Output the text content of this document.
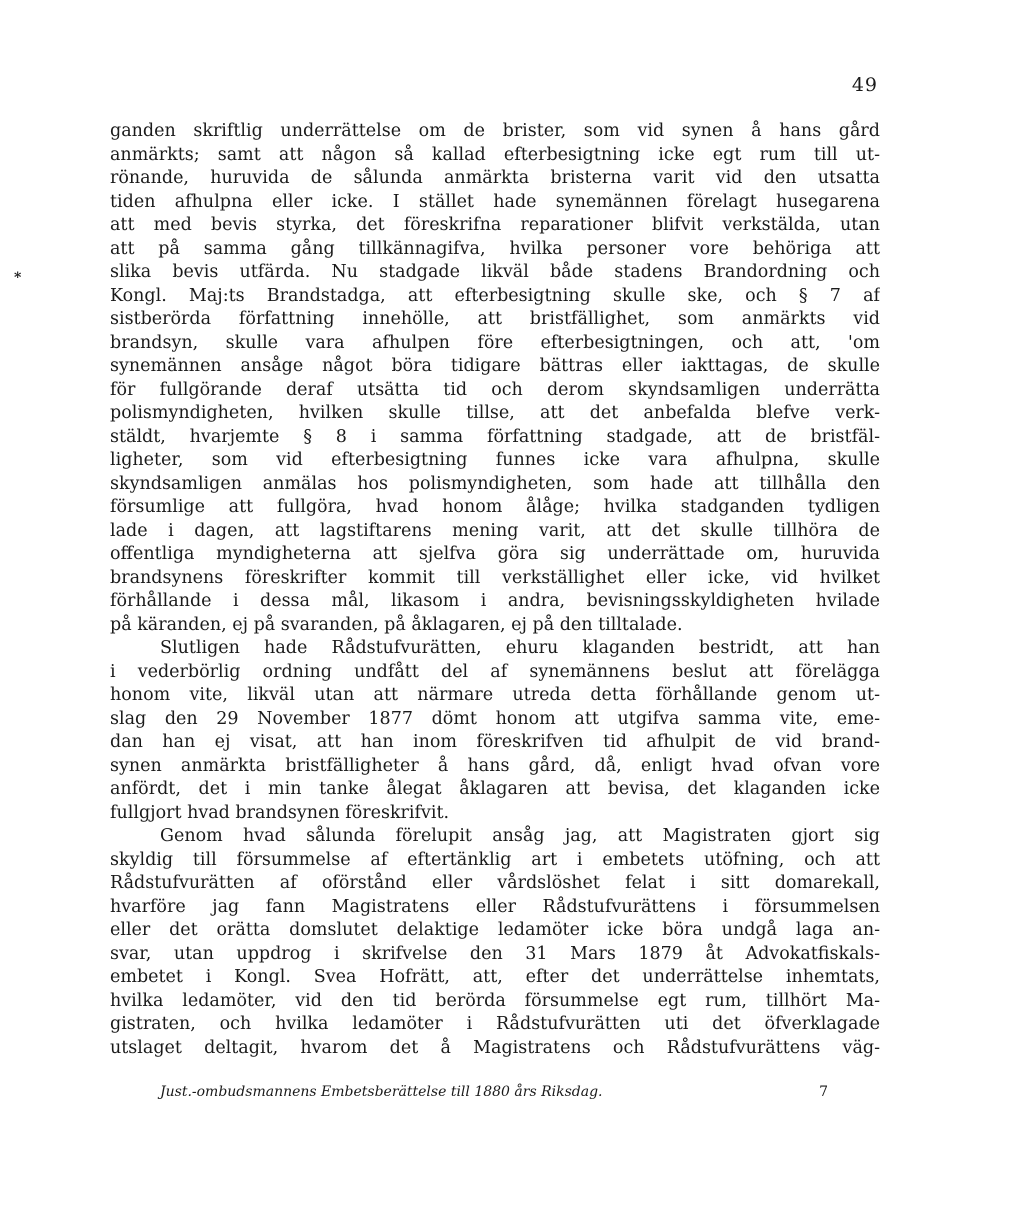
49
⁎
ganden skriftlig underrättelse om de brister, som vid synen å hans gård
anmärkts; samt att någon så kallad efterbesigtning icke egt rum till ut-
rönande, huruvida de sålunda anmärkta bristerna varit vid den utsatta
tiden afhulpna eller icke. I stället hade synemännen förelagt husegarena
att med bevis styrka, det föreskrifna reparationer blifvit verkstälda, utan
att på samma gång tillkännagifva, hvilka personer vore behöriga att
slika bevis utfärda. Nu stadgade likväl både stadens Brandordning och
Kongl. Maj:ts Brandstadga, att efterbesigtning skulle ske, och § 7 af
sistberörda författning innehölle, att bristfällighet, som anmärkts vid
brandsyn, skulle vara afhulpen före efterbesigtningen, och att, 'om
synemännen ansåge något böra tidigare bättras eller iakttagas, de skulle
för fullgörande deraf utsätta tid och derom skyndsamligen underrätta
polismyndigheten, hvilken skulle tillse, att det anbefalda blefve verk-
stäldt, hvarjemte § 8 i samma författning stadgade, att de bristfäl-
ligheter, som vid efterbesigtning funnes icke vara afhulpna, skulle
skyndsamligen anmälas hos polismyndigheten, som hade att tillhålla den
försumlige att fullgöra, hvad honom ålåge; hvilka stadganden tydligen
lade i dagen, att lagstiftarens mening varit, att det skulle tillhöra de
offentliga myndigheterna att sjelfva göra sig underrättade om, huruvida
brandsynens föreskrifter kommit till verkställighet eller icke, vid hvilket
förhållande i dessa mål, likasom i andra, bevisningsskyldigheten hvilade
på käranden, ej på svaranden, på åklagaren, ej på den tilltalade.
Slutligen hade Rådstufvurätten, ehuru klaganden bestridt, att han
i vederbörlig ordning undfått del af synemännens beslut att förelägga
honom vite, likväl utan att närmare utreda detta förhållande genom ut-
slag den 29 November 1877 dömt honom att utgifva samma vite, eme-
dan han ej visat, att han inom föreskrifven tid afhulpit de vid brand-
synen anmärkta bristfälligheter å hans gård, då, enligt hvad ofvan vore
anfördt, det i min tanke ålegat åklagaren att bevisa, det klaganden icke
fullgjort hvad brandsynen föreskrifvit.
Genom hvad sålunda förelupit ansåg jag, att Magistraten gjort sig
skyldig till försummelse af eftertänklig art i embetets utöfning, och att
Rådstufvurätten af oförstånd eller vårdslöshet felat i sitt domarekall,
hvarföre jag fann Magistratens eller Rådstufvurättens i försummelsen
eller det orätta domslutet delaktige ledamöter icke böra undgå laga an-
svar, utan uppdrog i skrifvelse den 31 Mars 1879 åt Advokatfiskals-
embetet i Kongl. Svea Hofrätt, att, efter det underrättelse inhemtats,
hvilka ledamöter, vid den tid berörda försummelse egt rum, tillhört Ma-
gistraten, och hvilka ledamöter i Rådstufvurätten uti det öfverklagade
utslaget deltagit, hvarom det å Magistratens och Rådstufvurättens väg-
Just.-ombudsmannens Embetsberättelse till 1880 års Riksdag.	7
